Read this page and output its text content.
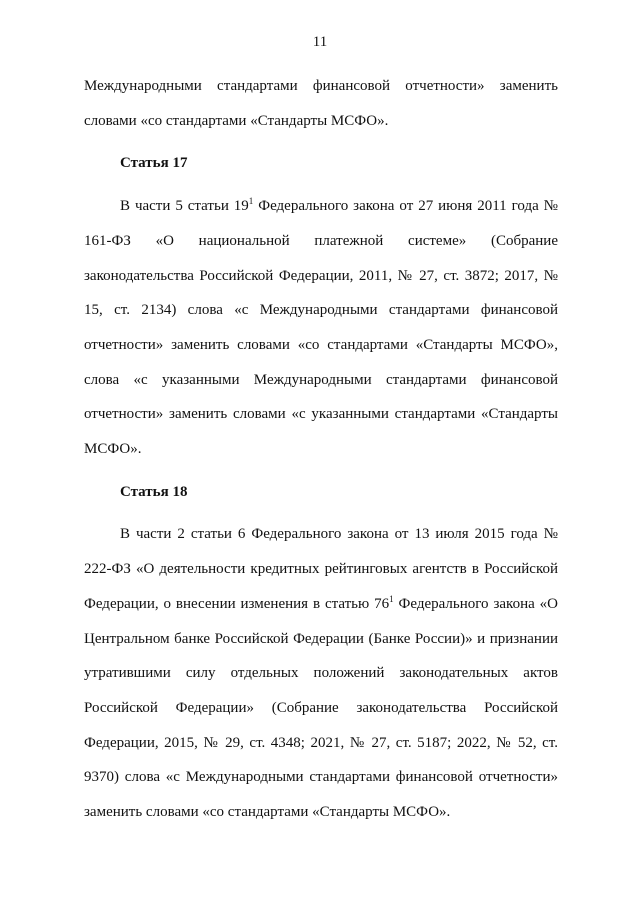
11

Международными стандартами финансовой отчетности» заменить словами «со стандартами «Стандарты МСФО».

Статья 17

В части 5 статьи $19^1$ Федерального закона от 27 июня 2011 года № 161-ФЗ «О национальной платежной системе» (Собрание законодательства Российской Федерации, 2011, № 27, ст. 3872; 2017, № 15, ст. 2134) слова «с Международными стандартами финансовой отчетности» заменить словами «со стандартами «Стандарты МСФО», слова «с указанными Международными стандартами финансовой отчетности» заменить словами «с указанными стандартами «Стандарты МСФО».

Статья 18

В части 2 статьи 6 Федерального закона от 13 июля 2015 года № 222-ФЗ «О деятельности кредитных рейтинговых агентств в Российской Федерации, о внесении изменения в статью $76^1$ Федерального закона «О Центральном банке Российской Федерации (Банке России)» и признании утратившими силу отдельных положений законодательных актов Российской Федерации» (Собрание законодательства Российской Федерации, 2015, № 29, ст. 4348; 2021, № 27, ст. 5187; 2022, № 52, ст. 9370) слова «с Международными стандартами финансовой отчетности» заменить словами «со стандартами «Стандарты МСФО».
